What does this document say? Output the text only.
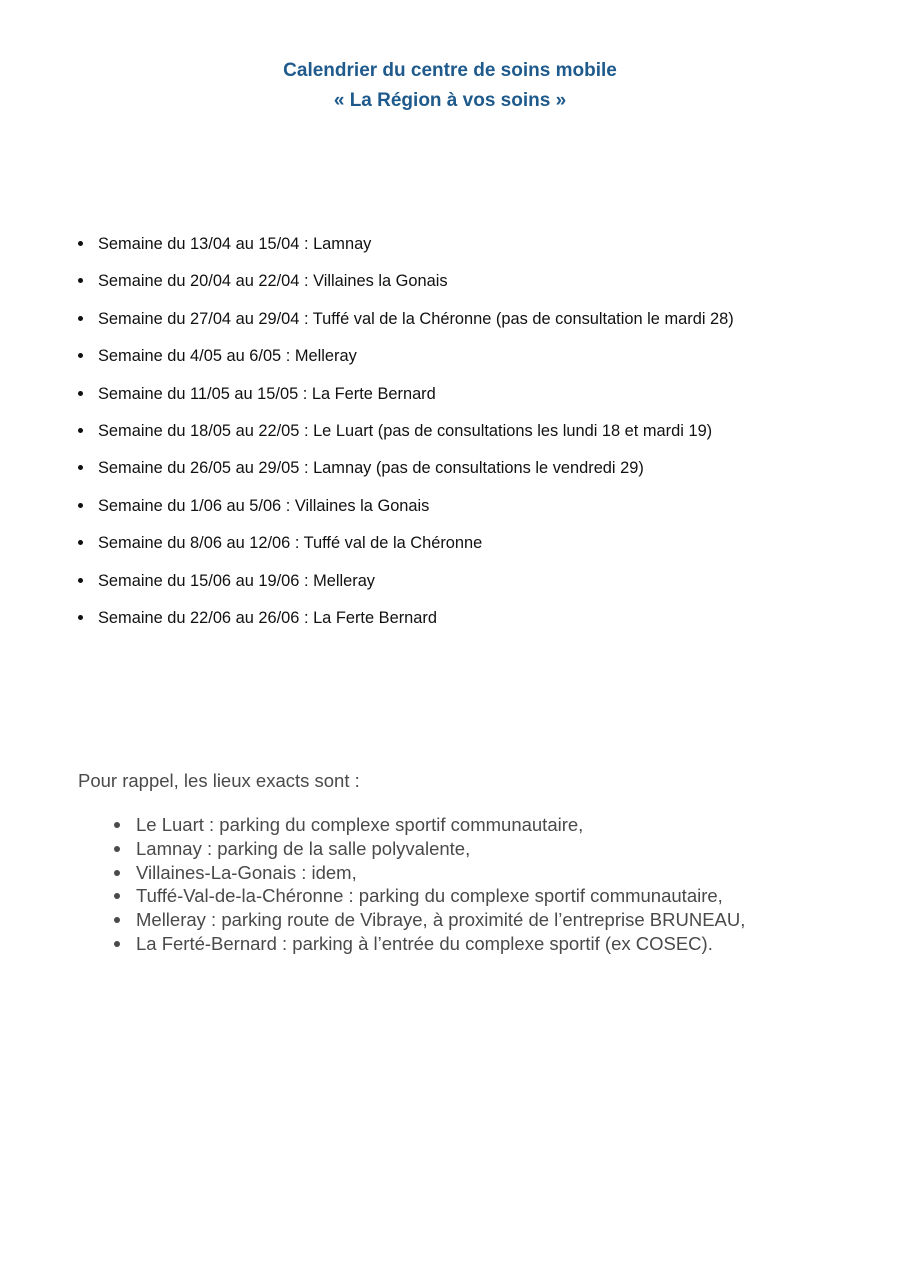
Calendrier du centre de soins mobile
« La Région à vos soins »
Semaine du 13/04 au 15/04 : Lamnay
Semaine du 20/04 au 22/04 : Villaines la Gonais
Semaine du 27/04 au 29/04 : Tuffé val de la Chéronne (pas de consultation le mardi 28)
Semaine du 4/05 au 6/05 : Melleray
Semaine du 11/05 au 15/05 : La Ferte Bernard
Semaine du 18/05 au 22/05 : Le Luart (pas de consultations les lundi 18 et mardi 19)
Semaine du 26/05 au 29/05 : Lamnay (pas de consultations le vendredi 29)
Semaine du 1/06 au 5/06 : Villaines la Gonais
Semaine du 8/06 au 12/06 : Tuffé val de la Chéronne
Semaine du 15/06 au 19/06 : Melleray
Semaine du 22/06 au 26/06 : La Ferte Bernard
Pour rappel, les lieux exacts sont :
Le Luart : parking du complexe sportif communautaire,
Lamnay : parking de la salle polyvalente,
Villaines-La-Gonais : idem,
Tuffé-Val-de-la-Chéronne : parking du complexe sportif communautaire,
Melleray : parking route de Vibraye, à proximité de l’entreprise BRUNEAU,
La Ferté-Bernard : parking à l’entrée du complexe sportif (ex COSEC).
